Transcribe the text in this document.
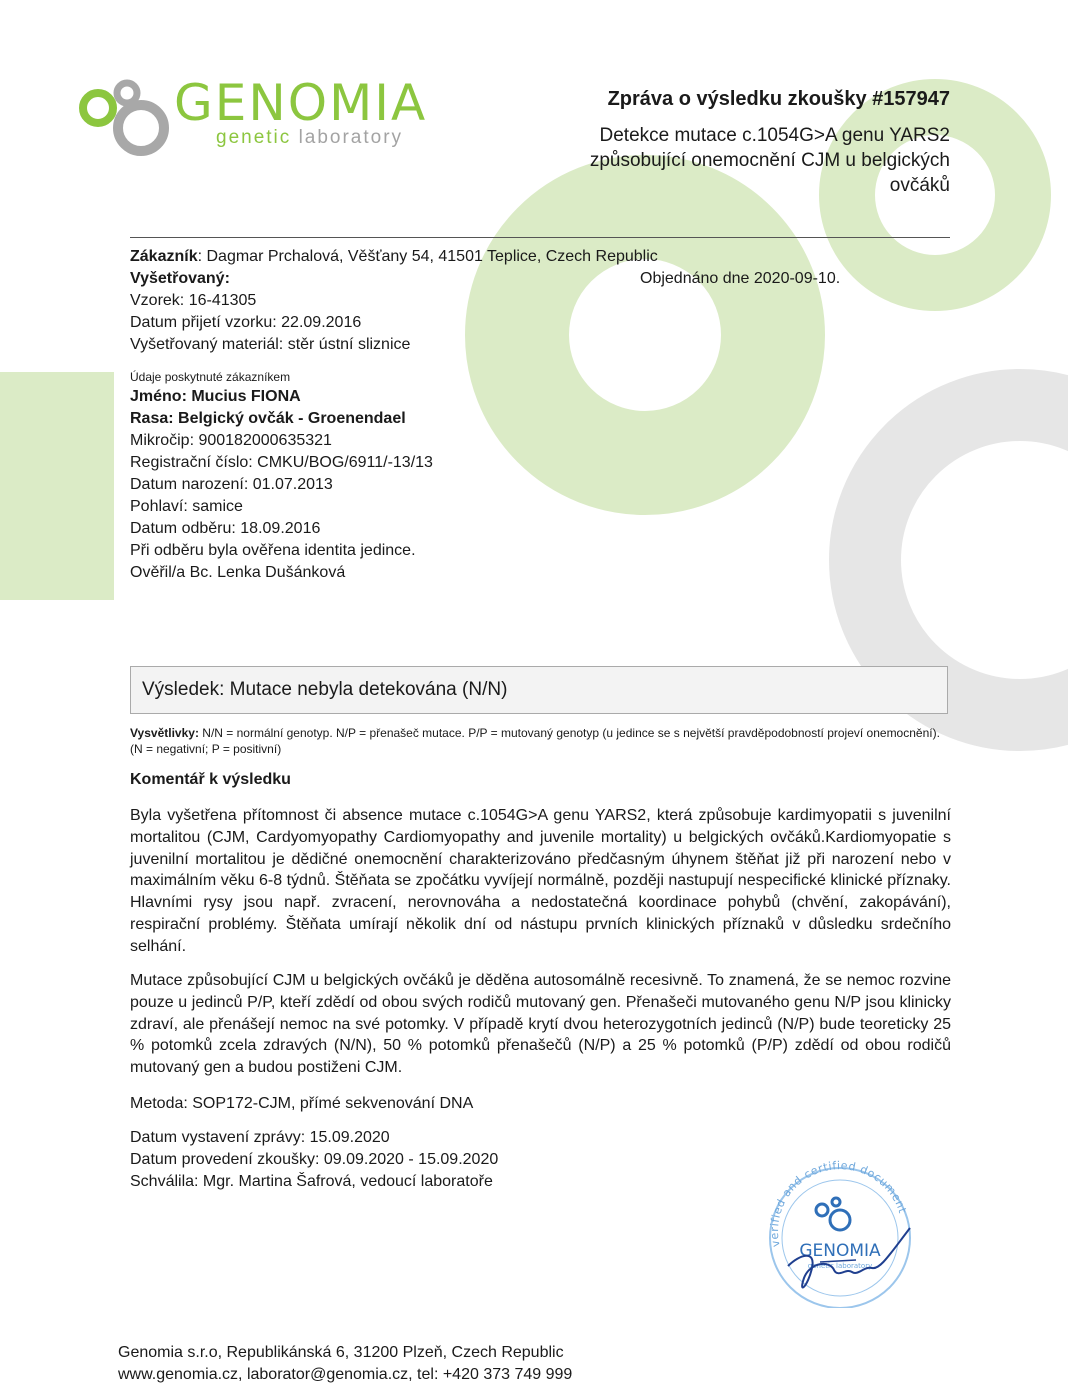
GENOMIA
genetic laboratory
Zpráva o výsledku zkoušky #157947
Detekce mutace c.1054G>A genu YARS2
způsobující onemocnění CJM u belgických
ovčáků
Zákazník: Dagmar Prchalová, Věšťany 54, 41501 Teplice, Czech Republic
Vyšetřovaný:	Objednáno dne 2020-09-10.
Vzorek: 16-41305
Datum přijetí vzorku: 22.09.2016
Vyšetřovaný materiál: stěr ústní sliznice
Údaje poskytnuté zákazníkem
Jméno: Mucius FIONA
Rasa: Belgický ovčák - Groenendael
Mikročip: 900182000635321
Registrační číslo: CMKU/BOG/6911/-13/13
Datum narození: 01.07.2013
Pohlaví: samice
Datum odběru: 18.09.2016
Při odběru byla ověřena identita jedince.
Ověřil/a Bc. Lenka Dušánková
Výsledek: Mutace nebyla detekována (N/N)
Vysvětlivky: N/N = normální genotyp. N/P = přenašeč mutace. P/P = mutovaný genotyp (u jedince se s největší pravděpodobností projeví onemocnění). (N = negativní; P = positivní)
Komentář k výsledku
Byla vyšetřena přítomnost či absence mutace c.1054G>A genu YARS2, která způsobuje kardimyopatii s juvenilní mortalitou (CJM, Cardyomyopathy Cardiomyopathy and juvenile mortality) u belgických ovčáků.Kardiomyopatie s juvenilní mortalitou je dědičné onemocnění charakterizováno předčasným úhynem štěňat již při narození nebo v maximálním věku 6-8 týdnů. Štěňata se zpočátku vyvíjejí normálně, později nastupují nespecifické klinické příznaky. Hlavními rysy jsou např. zvracení, nerovnováha a nedostatečná koordinace pohybů (chvění, zakopávání), respirační problémy. Štěňata umírají několik dní od nástupu prvních klinických příznaků v důsledku srdečního selhání.
Mutace způsobující CJM u belgických ovčáků je děděna autosomálně recesivně. To znamená, že se nemoc rozvine pouze u jedinců P/P, kteří zdědí od obou svých rodičů mutovaný gen. Přenašeči mutovaného genu N/P jsou klinicky zdraví, ale přenášejí nemoc na své potomky. V případě krytí dvou heterozygotních jedinců (N/P) bude teoreticky 25 % potomků zcela zdravých (N/N), 50 % potomků přenašečů (N/P) a 25 % potomků (P/P) zdědí od obou rodičů mutovaný gen a budou postiženi CJM.
Metoda: SOP172-CJM, přímé sekvenování DNA
Datum vystavení zprávy: 15.09.2020
Datum provedení zkoušky: 09.09.2020 - 15.09.2020
Schválila: Mgr. Martina Šafrová, vedoucí laboratoře
verified and certified document
GENOMIA
genetic laboratory
Genomia s.r.o, Republikánská 6, 31200 Plzeň, Czech Republic
www.genomia.cz, laborator@genomia.cz, tel: +420 373 749 999
